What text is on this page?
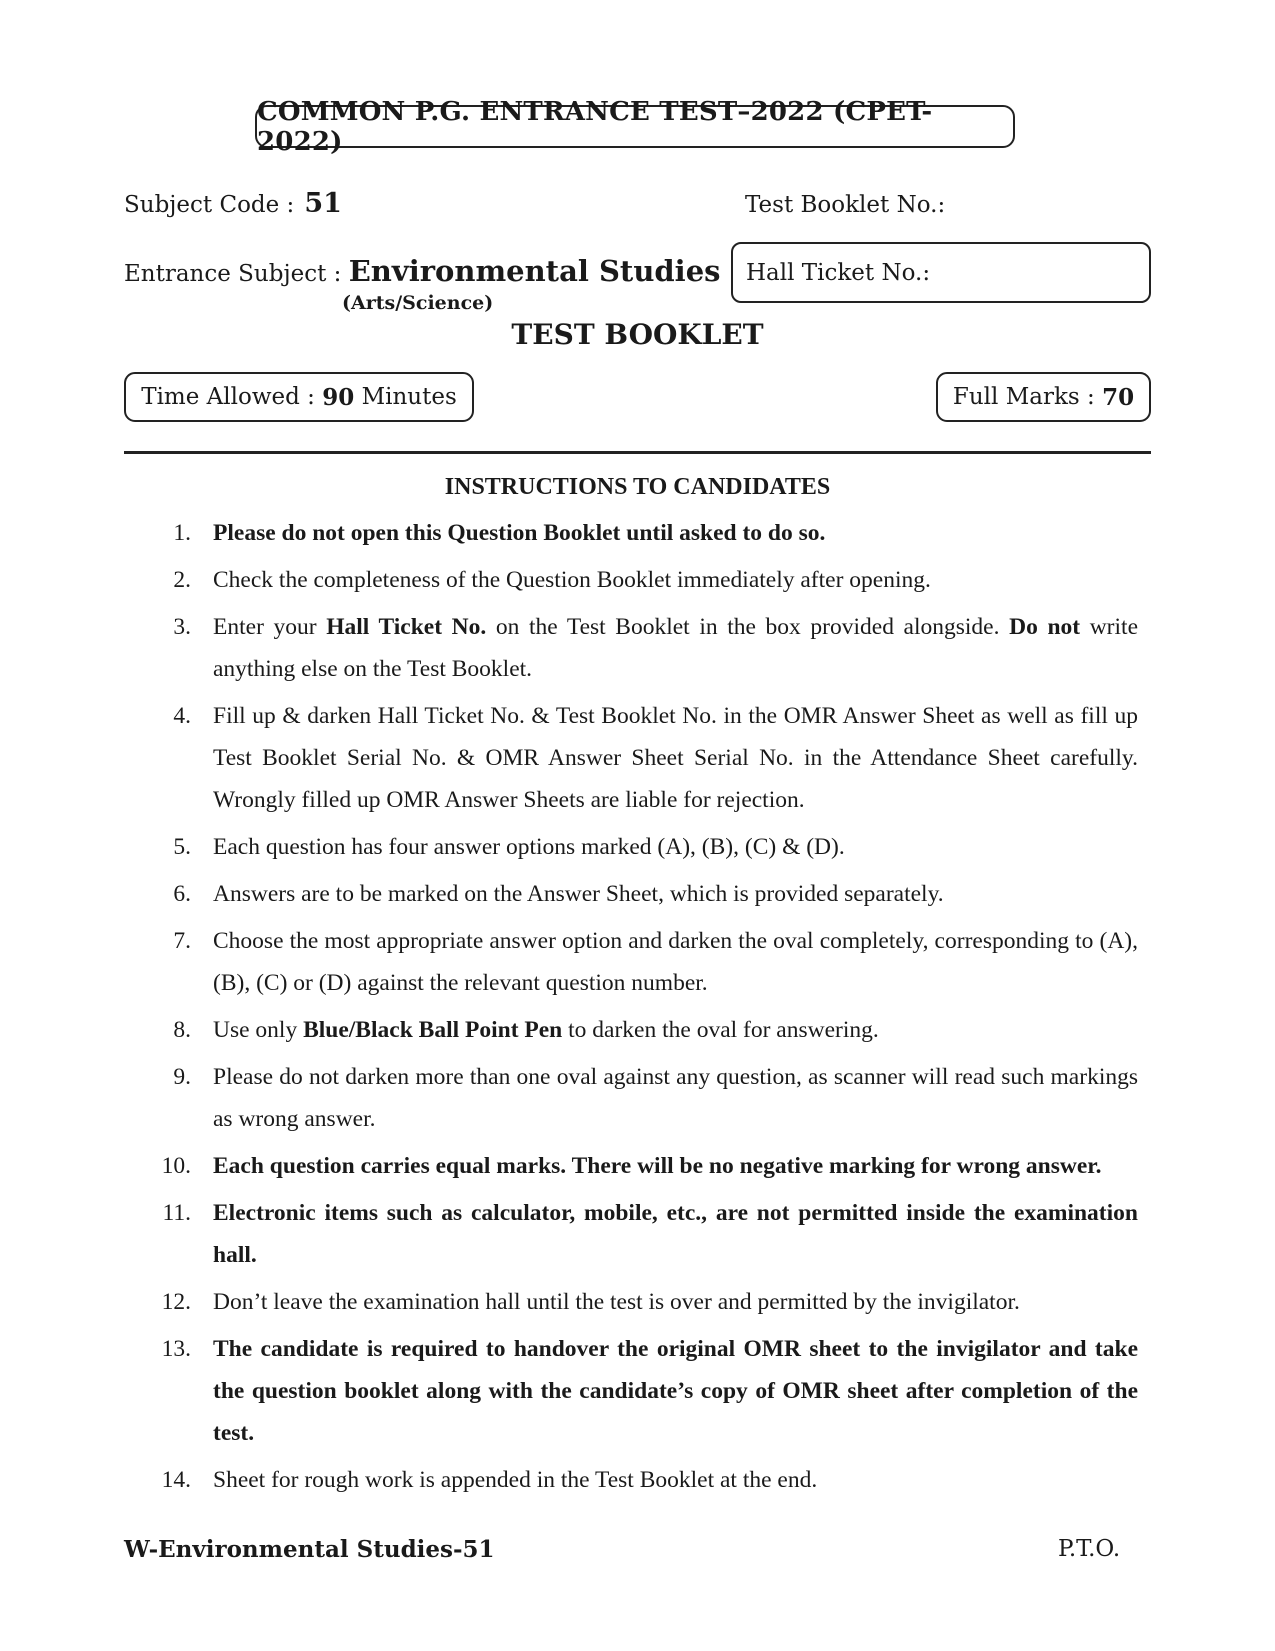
COMMON P.G. ENTRANCE TEST–2022 (CPET-2022)
Subject Code : 51	Test Booklet No.:
Entrance Subject : Environmental Studies
(Arts/Science)
Hall Ticket No.:
TEST BOOKLET
Time Allowed :
90
Minutes	Full Marks :
70
INSTRUCTIONS TO CANDIDATES
1. Please do not open this Question Booklet until asked to do so.
2. Check the completeness of the Question Booklet immediately after opening.
3. Enter your Hall Ticket No. on the Test Booklet in the box provided alongside. Do not write anything else on the Test Booklet.
4. Fill up & darken Hall Ticket No. & Test Booklet No. in the OMR Answer Sheet as well as fill up Test Booklet Serial No. & OMR Answer Sheet Serial No. in the Attendance Sheet carefully. Wrongly filled up OMR Answer Sheets are liable for rejection.
5. Each question has four answer options marked (A), (B), (C) & (D).
6. Answers are to be marked on the Answer Sheet, which is provided separately.
7. Choose the most appropriate answer option and darken the oval completely, corresponding to (A), (B), (C) or (D) against the relevant question number.
8. Use only Blue/Black Ball Point Pen to darken the oval for answering.
9. Please do not darken more than one oval against any question, as scanner will read such markings as wrong answer.
10. Each question carries equal marks. There will be no negative marking for wrong answer.
11. Electronic items such as calculator, mobile, etc., are not permitted inside the examination hall.
12. Don’t leave the examination hall until the test is over and permitted by the invigilator.
13. The candidate is required to handover the original OMR sheet to the invigilator and take the question booklet along with the candidate’s copy of OMR sheet after completion of the test.
14. Sheet for rough work is appended in the Test Booklet at the end.
W-Environmental Studies-51	P.T.O.
